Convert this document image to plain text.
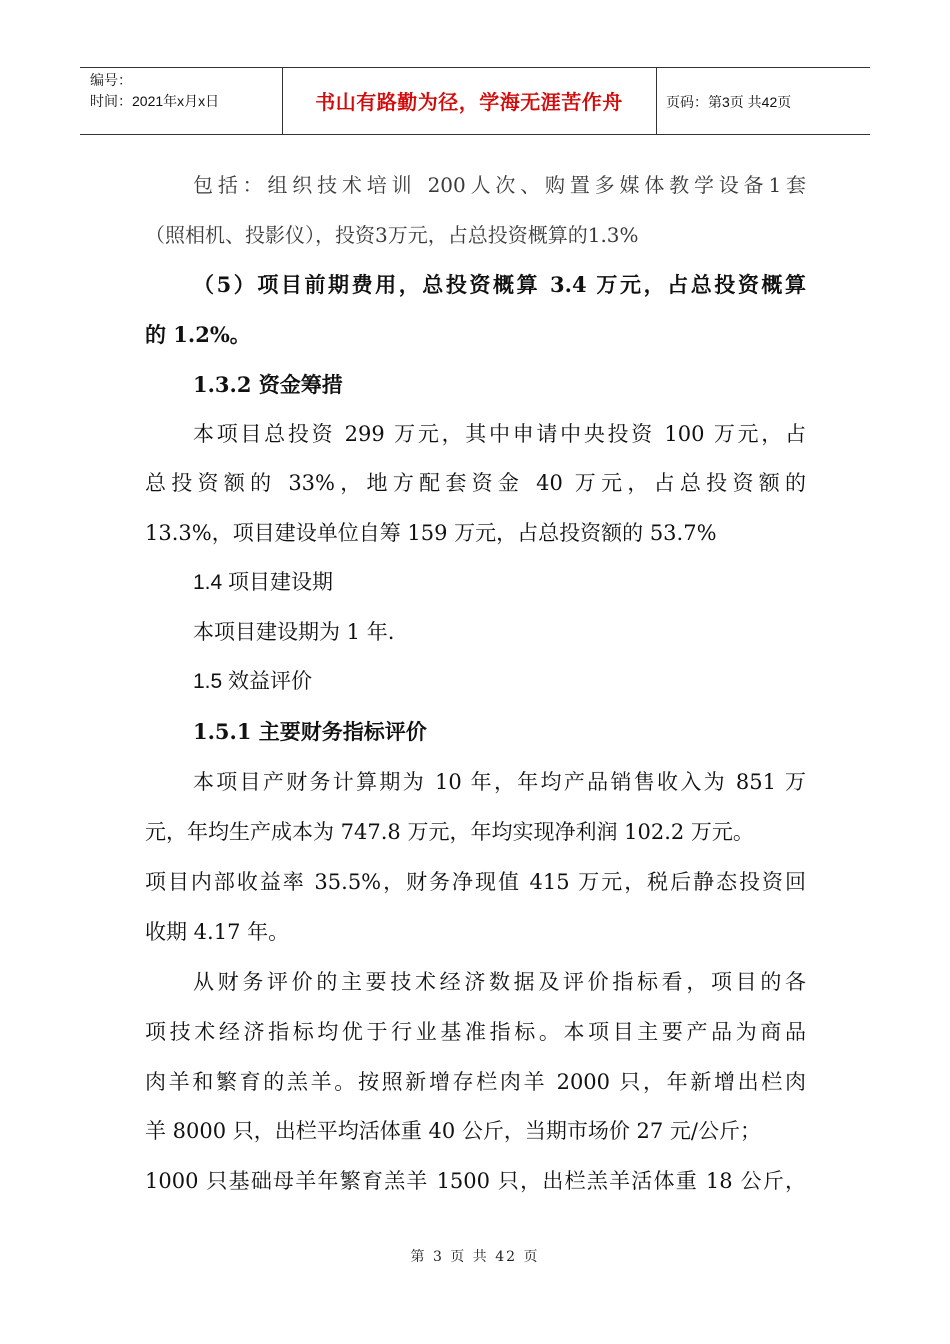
编号：
时间：2021年x月x日	书山有路勤为径，学海无涯苦作舟	页码：第3页 共42页

包括：组织技术培训 200人次、购置多媒体教学设备1套

（照相机、投影仪），投资3万元，占总投资概算的1.3%

（5）项目前期费用，总投资概算 3.4 万元，占总投资概算

的 1.2%。

1.3.2 资金筹措

本项目总投资 299 万元，其中申请中央投资 100 万元，占

总投资额的 33%，地方配套资金 40 万元，占总投资额的

13.3%，项目建设单位自筹 159 万元，占总投资额的 53.7%

1.4 项目建设期

本项目建设期为 1 年.

1.5 效益评价

1.5.1 主要财务指标评价

本项目产财务计算期为 10 年，年均产品销售收入为 851 万

元，年均生产成本为 747.8 万元，年均实现净利润 102.2 万元。

项目内部收益率 35.5%，财务净现值 415 万元，税后静态投资回

收期 4.17 年。

从财务评价的主要技术经济数据及评价指标看，项目的各

项技术经济指标均优于行业基准指标。本项目主要产品为商品

肉羊和繁育的羔羊。按照新增存栏肉羊 2000 只，年新增出栏肉

羊 8000 只，出栏平均活体重 40 公斤，当期市场价 27 元/公斤；

1000 只基础母羊年繁育羔羊 1500 只，出栏羔羊活体重 18 公斤，

第 3 页 共 42 页
